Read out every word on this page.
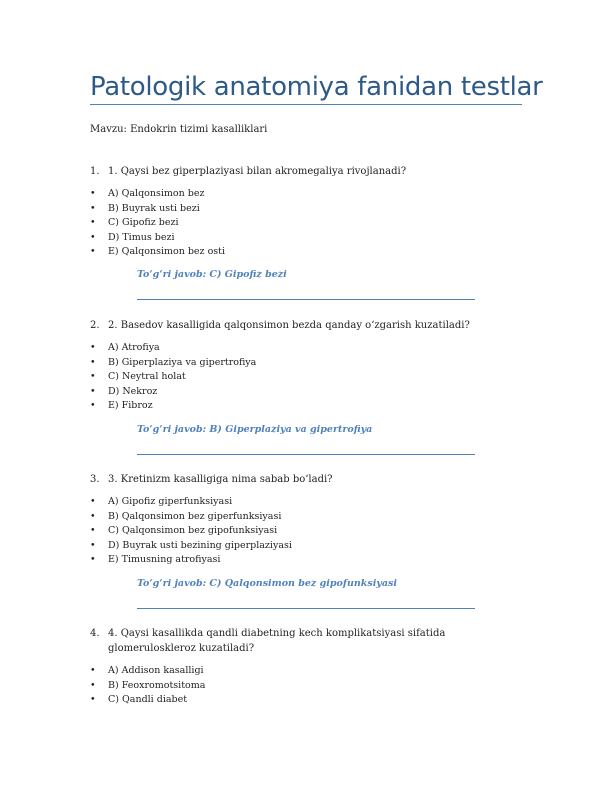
Patologik anatomiya fanidan testlar
Mavzu: Endokrin tizimi kasalliklari
1. 1. Qaysi bez giperplaziyasi bilan akromegaliya rivojlanadi?
• A) Qalqonsimon bez
• B) Buyrak usti bezi
• C) Gipofiz bezi
• D) Timus bezi
• E) Qalqonsimon bez osti
To‘g‘ri javob: C) Gipofiz bezi
2. 2. Basedov kasalligida qalqonsimon bezda qanday o‘zgarish kuzatiladi?
• A) Atrofiya
• B) Giperplaziya va gipertrofiya
• C) Neytral holat
• D) Nekroz
• E) Fibroz
To‘g‘ri javob: B) Giperplaziya va gipertrofiya
3. 3. Kretinizm kasalligiga nima sabab bo‘ladi?
• A) Gipofiz giperfunksiyasi
• B) Qalqonsimon bez giperfunksiyasi
• C) Qalqonsimon bez gipofunksiyasi
• D) Buyrak usti bezining giperplaziyasi
• E) Timusning atrofiyasi
To‘g‘ri javob: C) Qalqonsimon bez gipofunksiyasi
4. 4. Qaysi kasallikda qandli diabetning kech komplikatsiyasi sifatida glomeruloskleroz kuzatiladi?
• A) Addison kasalligi
• B) Feoxromotsitoma
• C) Qandli diabet
